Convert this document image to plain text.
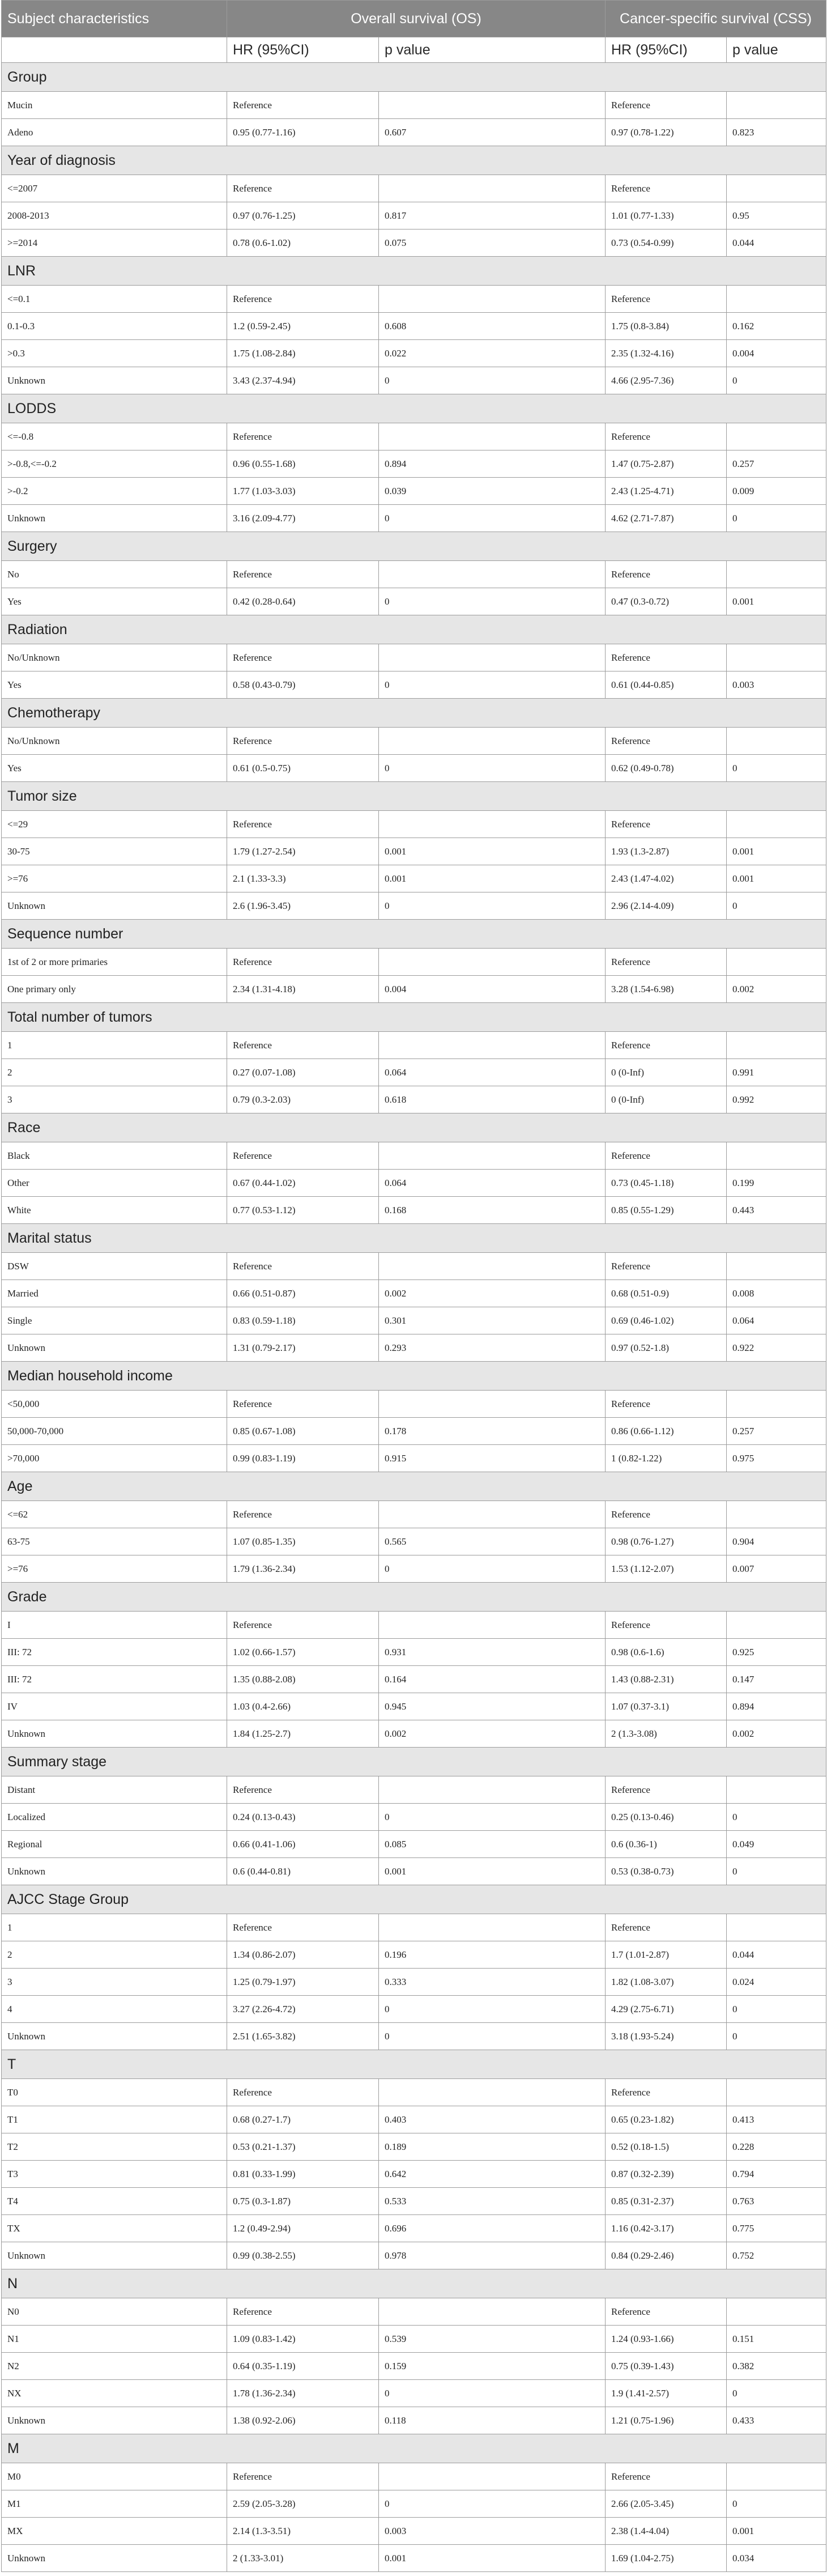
Subject characteristics	Overall survival (OS)		Cancer-specific survival (CSS)	
	HR (95%CI)	p value	HR (95%CI)	p value
Group				
Mucin	Reference		Reference	
Adeno	0.95 (0.77-1.16)	0.607	0.97 (0.78-1.22)	0.823
Year of diagnosis				
<=2007	Reference		Reference	
2008-2013	0.97 (0.76-1.25)	0.817	1.01 (0.77-1.33)	0.95
>=2014	0.78 (0.6-1.02)	0.075	0.73 (0.54-0.99)	0.044
LNR				
<=0.1	Reference		Reference	
0.1-0.3	1.2 (0.59-2.45)	0.608	1.75 (0.8-3.84)	0.162
>0.3	1.75 (1.08-2.84)	0.022	2.35 (1.32-4.16)	0.004
Unknown	3.43 (2.37-4.94)	0	4.66 (2.95-7.36)	0
LODDS				
<=-0.8	Reference		Reference	
>-0.8,<=-0.2	0.96 (0.55-1.68)	0.894	1.47 (0.75-2.87)	0.257
>-0.2	1.77 (1.03-3.03)	0.039	2.43 (1.25-4.71)	0.009
Unknown	3.16 (2.09-4.77)	0	4.62 (2.71-7.87)	0
Surgery				
No	Reference		Reference	
Yes	0.42 (0.28-0.64)	0	0.47 (0.3-0.72)	0.001
Radiation				
No/Unknown	Reference		Reference	
Yes	0.58 (0.43-0.79)	0	0.61 (0.44-0.85)	0.003
Chemotherapy				
No/Unknown	Reference		Reference	
Yes	0.61 (0.5-0.75)	0	0.62 (0.49-0.78)	0
Tumor size				
<=29	Reference		Reference	
30-75	1.79 (1.27-2.54)	0.001	1.93 (1.3-2.87)	0.001
>=76	2.1 (1.33-3.3)	0.001	2.43 (1.47-4.02)	0.001
Unknown	2.6 (1.96-3.45)	0	2.96 (2.14-4.09)	0
Sequence number				
1st of 2 or more primaries	Reference		Reference	
One primary only	2.34 (1.31-4.18)	0.004	3.28 (1.54-6.98)	0.002
Total number of tumors				
1	Reference		Reference	
2	0.27 (0.07-1.08)	0.064	0 (0-Inf)	0.991
3	0.79 (0.3-2.03)	0.618	0 (0-Inf)	0.992
Race				
Black	Reference		Reference	
Other	0.67 (0.44-1.02)	0.064	0.73 (0.45-1.18)	0.199
White	0.77 (0.53-1.12)	0.168	0.85 (0.55-1.29)	0.443
Marital status				
DSW	Reference		Reference	
Married	0.66 (0.51-0.87)	0.002	0.68 (0.51-0.9)	0.008
Single	0.83 (0.59-1.18)	0.301	0.69 (0.46-1.02)	0.064
Unknown	1.31 (0.79-2.17)	0.293	0.97 (0.52-1.8)	0.922
Median household income				
<50,000	Reference		Reference	
50,000-70,000	0.85 (0.67-1.08)	0.178	0.86 (0.66-1.12)	0.257
>70,000	0.99 (0.83-1.19)	0.915	1 (0.82-1.22)	0.975
Age				
<=62	Reference		Reference	
63-75	1.07 (0.85-1.35)	0.565	0.98 (0.76-1.27)	0.904
>=76	1.79 (1.36-2.34)	0	1.53 (1.12-2.07)	0.007
Grade				
I	Reference		Reference	
III: 72	1.02 (0.66-1.57)	0.931	0.98 (0.6-1.6)	0.925
III: 72	1.35 (0.88-2.08)	0.164	1.43 (0.88-2.31)	0.147
IV	1.03 (0.4-2.66)	0.945	1.07 (0.37-3.1)	0.894
Unknown	1.84 (1.25-2.7)	0.002	2 (1.3-3.08)	0.002
Summary stage				
Distant	Reference		Reference	
Localized	0.24 (0.13-0.43)	0	0.25 (0.13-0.46)	0
Regional	0.66 (0.41-1.06)	0.085	0.6 (0.36-1)	0.049
Unknown	0.6 (0.44-0.81)	0.001	0.53 (0.38-0.73)	0
AJCC Stage Group				
1	Reference		Reference	
2	1.34 (0.86-2.07)	0.196	1.7 (1.01-2.87)	0.044
3	1.25 (0.79-1.97)	0.333	1.82 (1.08-3.07)	0.024
4	3.27 (2.26-4.72)	0	4.29 (2.75-6.71)	0
Unknown	2.51 (1.65-3.82)	0	3.18 (1.93-5.24)	0
T				
T0	Reference		Reference	
T1	0.68 (0.27-1.7)	0.403	0.65 (0.23-1.82)	0.413
T2	0.53 (0.21-1.37)	0.189	0.52 (0.18-1.5)	0.228
T3	0.81 (0.33-1.99)	0.642	0.87 (0.32-2.39)	0.794
T4	0.75 (0.3-1.87)	0.533	0.85 (0.31-2.37)	0.763
TX	1.2 (0.49-2.94)	0.696	1.16 (0.42-3.17)	0.775
Unknown	0.99 (0.38-2.55)	0.978	0.84 (0.29-2.46)	0.752
N				
N0	Reference		Reference	
N1	1.09 (0.83-1.42)	0.539	1.24 (0.93-1.66)	0.151
N2	0.64 (0.35-1.19)	0.159	0.75 (0.39-1.43)	0.382
NX	1.78 (1.36-2.34)	0	1.9 (1.41-2.57)	0
Unknown	1.38 (0.92-2.06)	0.118	1.21 (0.75-1.96)	0.433
M				
M0	Reference		Reference	
M1	2.59 (2.05-3.28)	0	2.66 (2.05-3.45)	0
MX	2.14 (1.3-3.51)	0.003	2.38 (1.4-4.04)	0.001
Unknown	2 (1.33-3.01)	0.001	1.69 (1.04-2.75)	0.034
